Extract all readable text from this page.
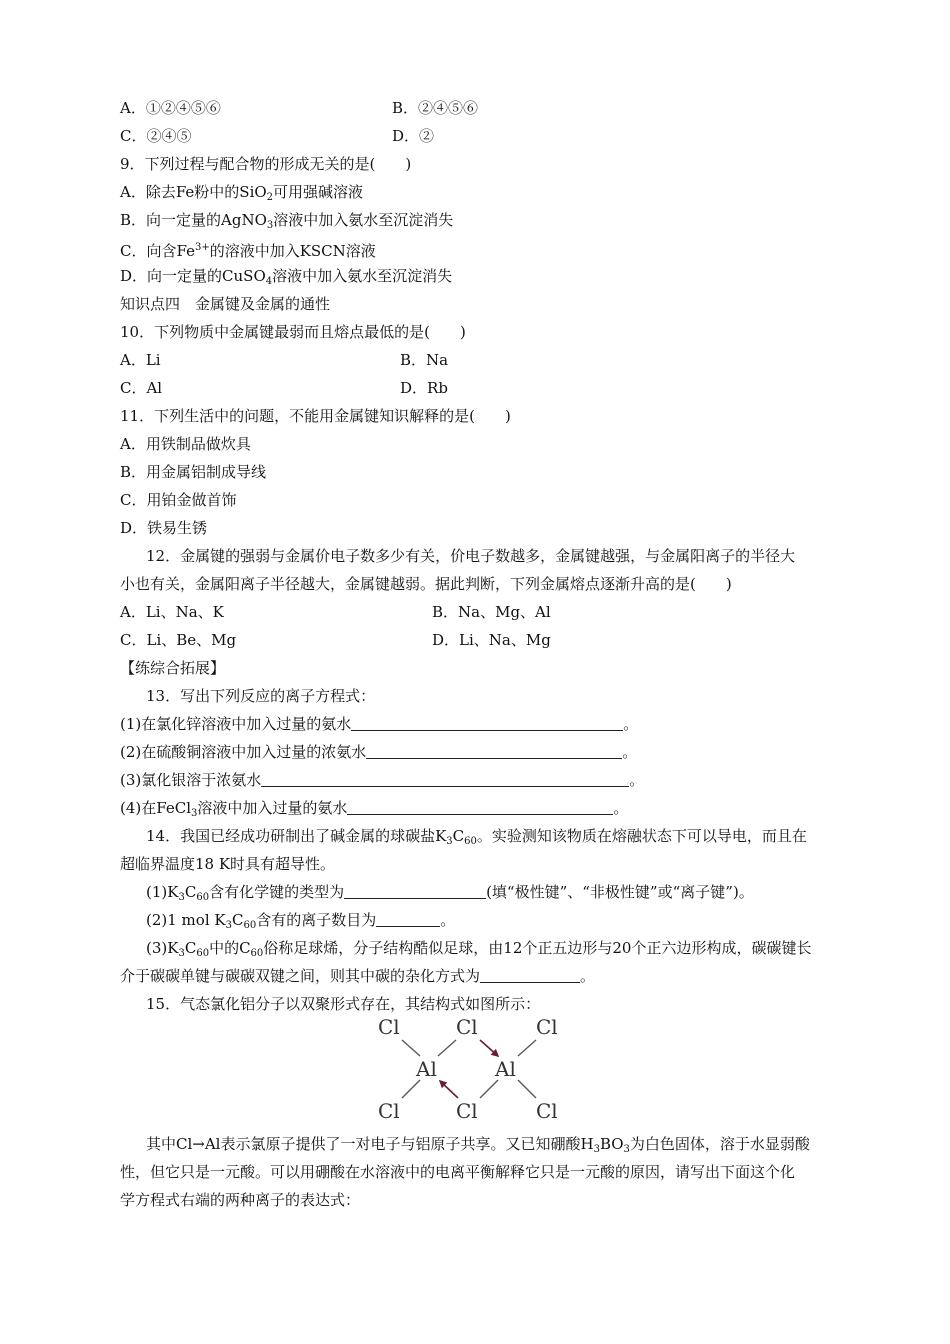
A．①②④⑤⑥	B．②④⑤⑥
C．②④⑤	D．②
9．下列过程与配合物的形成无关的是(　　)
A．除去Fe粉中的SiO$_2$可用强碱溶液
B．向一定量的AgNO$_3$溶液中加入氨水至沉淀消失
C．向含$Fe^{3+}$的溶液中加入KSCN溶液
D．向一定量的CuSO$_4$溶液中加入氨水至沉淀消失
知识点四　金属键及金属的通性
10．下列物质中金属键最弱而且熔点最低的是(　　)
A．Li	B．Na
C．Al	D．Rb
11．下列生活中的问题，不能用金属键知识解释的是(　　)
A．用铁制品做炊具
B．用金属铝制成导线
C．用铂金做首饰
D．铁易生锈
12．金属键的强弱与金属价电子数多少有关，价电子数越多，金属键越强，与金属阳离子的半径大
小也有关，金属阳离子半径越大，金属键越弱。据此判断，下列金属熔点逐渐升高的是(　　)
A．Li、Na、K	B．Na、Mg、Al
C．Li、Be、Mg	D．Li、Na、Mg
【练综合拓展】
13．写出下列反应的离子方程式：
(1)在氯化锌溶液中加入过量的氨水	。
(2)在硫酸铜溶液中加入过量的浓氨水	。
(3)氯化银溶于浓氨水	。
(4)在FeCl$_3$溶液中加入过量的氨水	。
14．我国已经成功研制出了碱金属的球碳盐$K_3C_{60}$。实验测知该物质在熔融状态下可以导电，而且在
超临界温度18 K时具有超导性。
$(1)K_3C_{60}$含有化学键的类型为	(填“极性键”、“非极性键”或“离子键”)。
(2)1 mol $K_3C_{60}$含有的离子数目为	。
$(3)K_3C_{60}$中的$C_{60}$俗称足球烯，分子结构酷似足球，由12个正五边形与20个正六边形构成，碳碳键长
介于碳碳单键与碳碳双键之间，则其中碳的杂化方式为	。
15．气态氯化铝分子以双聚形式存在，其结构式如图所示：
Cl	Cl	Cl
Al	Al
Cl	Cl	Cl
其中Cl→Al表示氯原子提供了一对电子与铝原子共享。又已知硼酸$H_3BO_3$为白色固体，溶于水显弱酸
性，但它只是一元酸。可以用硼酸在水溶液中的电离平衡解释它只是一元酸的原因，请写出下面这个化
学方程式右端的两种离子的表达式：
